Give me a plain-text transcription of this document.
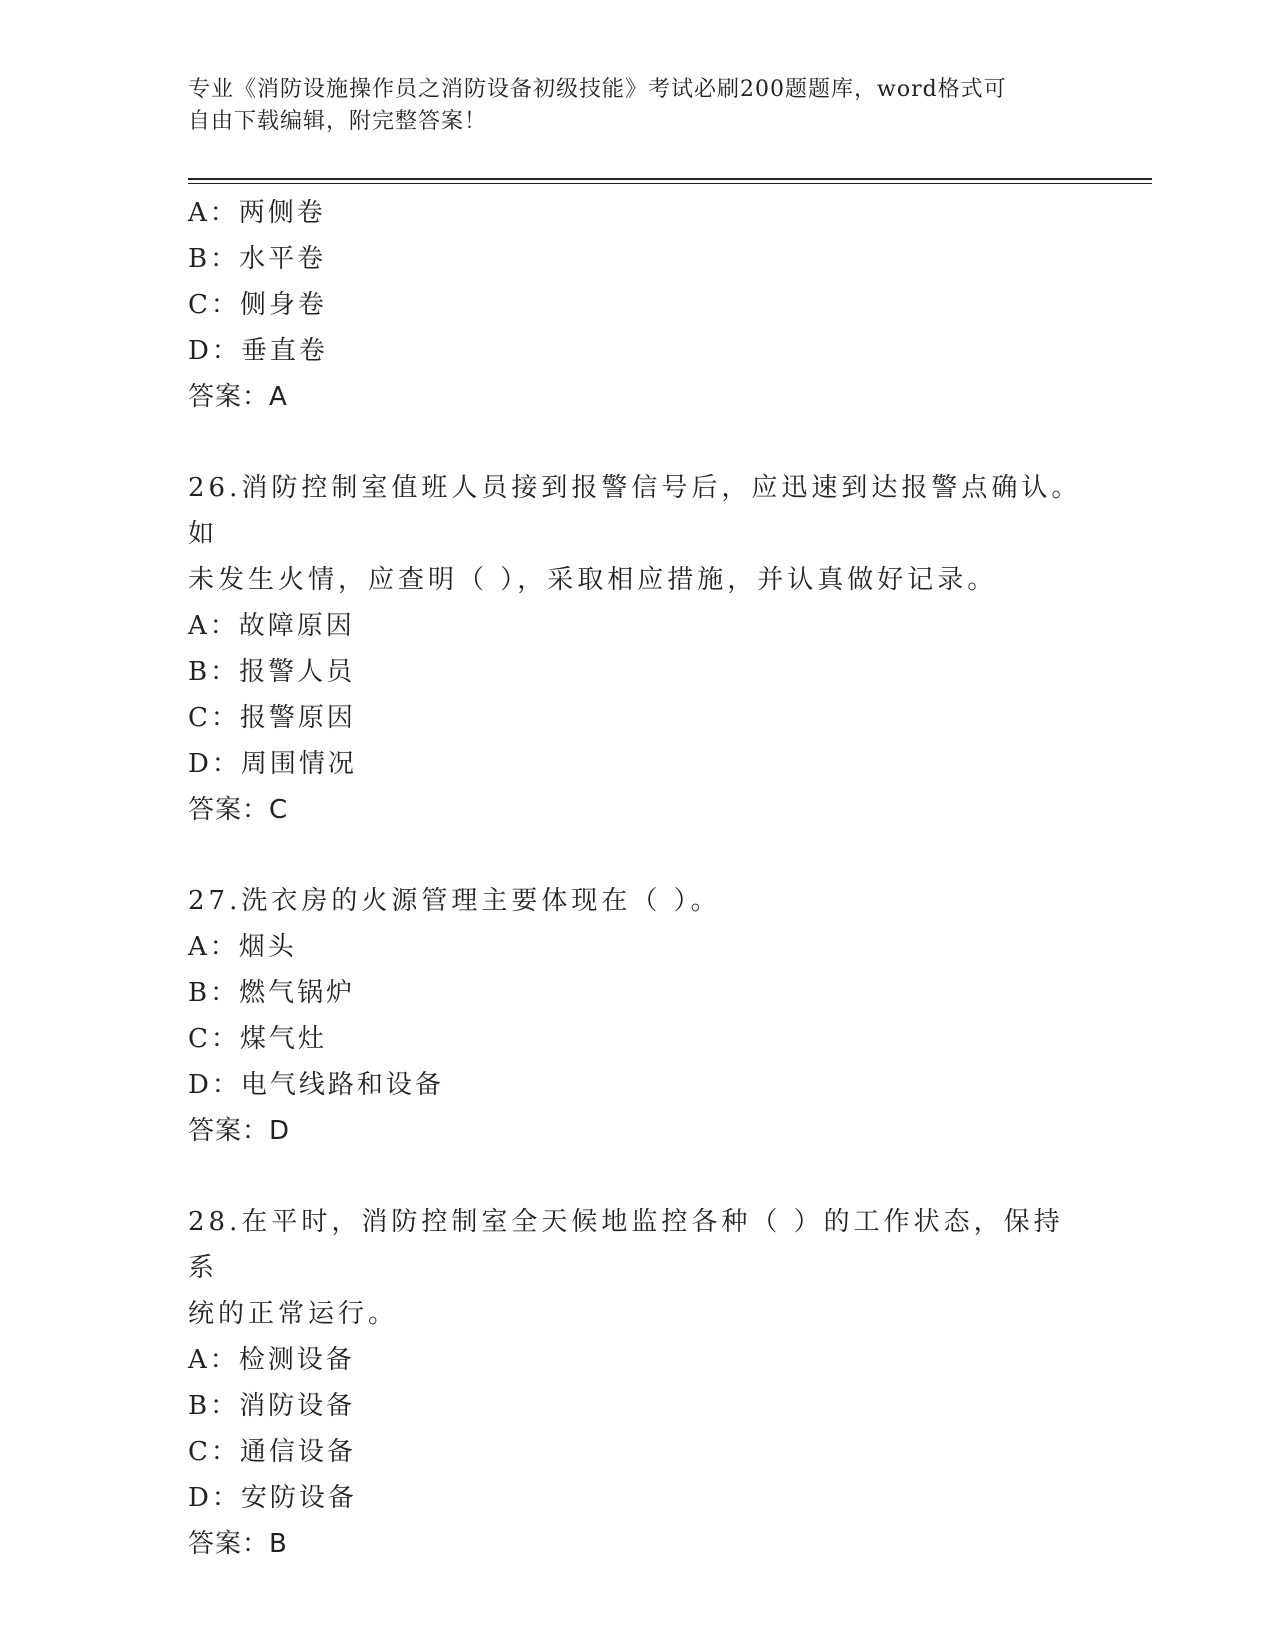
专业《消防设施操作员之消防设备初级技能》考试必刷200题题库，word格式可
自由下载编辑，附完整答案！
A：两侧卷
B：水平卷
C：侧身卷
D：垂直卷
答案：A
26.消防控制室值班人员接到报警信号后，应迅速到达报警点确认。如
未发生火情，应查明（ ），采取相应措施，并认真做好记录。
A：故障原因
B：报警人员
C：报警原因
D：周围情况
答案：C
27.洗衣房的火源管理主要体现在（ ）。
A：烟头
B：燃气锅炉
C：煤气灶
D：电气线路和设备
答案：D
28.在平时，消防控制室全天候地监控各种（ ）的工作状态，保持系
统的正常运行。
A：检测设备
B：消防设备
C：通信设备
D：安防设备
答案：B
